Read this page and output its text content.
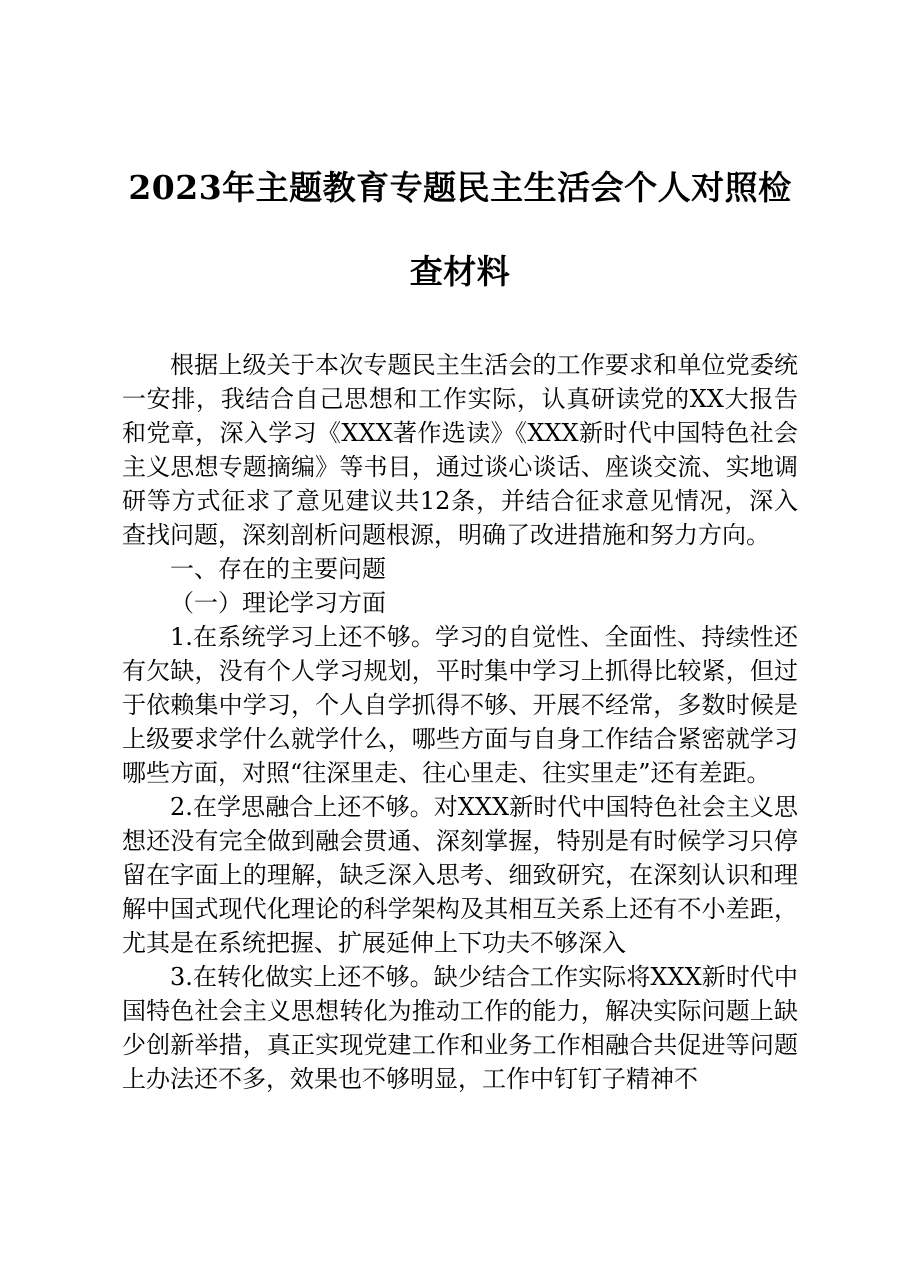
2023年主题教育专题民主生活会个人对照检查材料

根据上级关于本次专题民主生活会的工作要求和单位党委统一安排，我结合自己思想和工作实际，认真研读党的XX大报告和党章，深入学习《XXX著作选读》《XXX新时代中国特色社会主义思想专题摘编》等书目，通过谈心谈话、座谈交流、实地调研等方式征求了意见建议共12条，并结合征求意见情况，深入查找问题，深刻剖析问题根源，明确了改进措施和努力方向。

一、存在的主要问题

（一）理论学习方面

1.在系统学习上还不够。学习的自觉性、全面性、持续性还有欠缺，没有个人学习规划，平时集中学习上抓得比较紧，但过于依赖集中学习，个人自学抓得不够、开展不经常，多数时候是上级要求学什么就学什么，哪些方面与自身工作结合紧密就学习哪些方面，对照“往深里走、往心里走、往实里走”还有差距。

2.在学思融合上还不够。对XXX新时代中国特色社会主义思想还没有完全做到融会贯通、深刻掌握，特别是有时候学习只停留在字面上的理解，缺乏深入思考、细致研究，在深刻认识和理解中国式现代化理论的科学架构及其相互关系上还有不小差距，尤其是在系统把握、扩展延伸上下功夫不够深入

3.在转化做实上还不够。缺少结合工作实际将XXX新时代中国特色社会主义思想转化为推动工作的能力，解决实际问题上缺少创新举措，真正实现党建工作和业务工作相融合共促进等问题上办法还不多，效果也不够明显，工作中钉钉子精神不
